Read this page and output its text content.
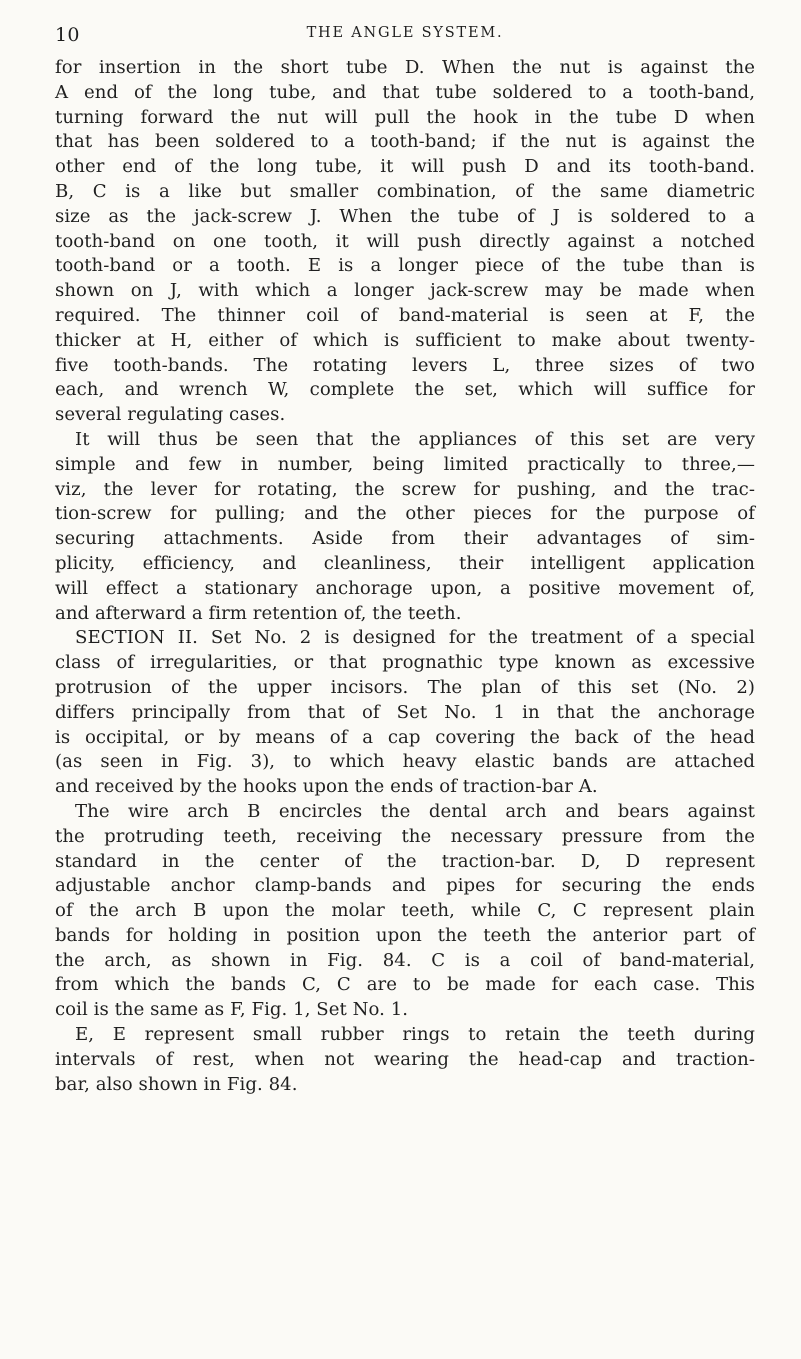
10	THE ANGLE SYSTEM.
for insertion in the short tube D. When the nut is against the
A end of the long tube, and that tube soldered to a tooth-band,
turning forward the nut will pull the hook in the tube D when
that has been soldered to a tooth-band; if the nut is against the
other end of the long tube, it will push D and its tooth-band.
B, C is a like but smaller combination, of the same diametric
size as the jack-screw J. When the tube of J is soldered to a
tooth-band on one tooth, it will push directly against a notched
tooth-band or a tooth. E is a longer piece of the tube than is
shown on J, with which a longer jack-screw may be made when
required. The thinner coil of band-material is seen at F, the
thicker at H, either of which is sufficient to make about twenty-
five tooth-bands. The rotating levers L, three sizes of two
each, and wrench W, complete the set, which will suffice for
several regulating cases.
It will thus be seen that the appliances of this set are very
simple and few in number, being limited practically to three,—
viz, the lever for rotating, the screw for pushing, and the trac-
tion-screw for pulling; and the other pieces for the purpose of
securing attachments. Aside from their advantages of sim-
plicity, efficiency, and cleanliness, their intelligent application
will effect a stationary anchorage upon, a positive movement of,
and afterward a firm retention of, the teeth.
SECTION II. Set No. 2 is designed for the treatment of a special
class of irregularities, or that prognathic type known as excessive
protrusion of the upper incisors. The plan of this set (No. 2)
differs principally from that of Set No. 1 in that the anchorage
is occipital, or by means of a cap covering the back of the head
(as seen in Fig. 3), to which heavy elastic bands are attached
and received by the hooks upon the ends of traction-bar A.
The wire arch B encircles the dental arch and bears against
the protruding teeth, receiving the necessary pressure from the
standard in the center of the traction-bar. D, D represent
adjustable anchor clamp-bands and pipes for securing the ends
of the arch B upon the molar teeth, while C, C represent plain
bands for holding in position upon the teeth the anterior part of
the arch, as shown in Fig. 84. C is a coil of band-material,
from which the bands C, C are to be made for each case. This
coil is the same as F, Fig. 1, Set No. 1.
E, E represent small rubber rings to retain the teeth during
intervals of rest, when not wearing the head-cap and traction-
bar, also shown in Fig. 84.
